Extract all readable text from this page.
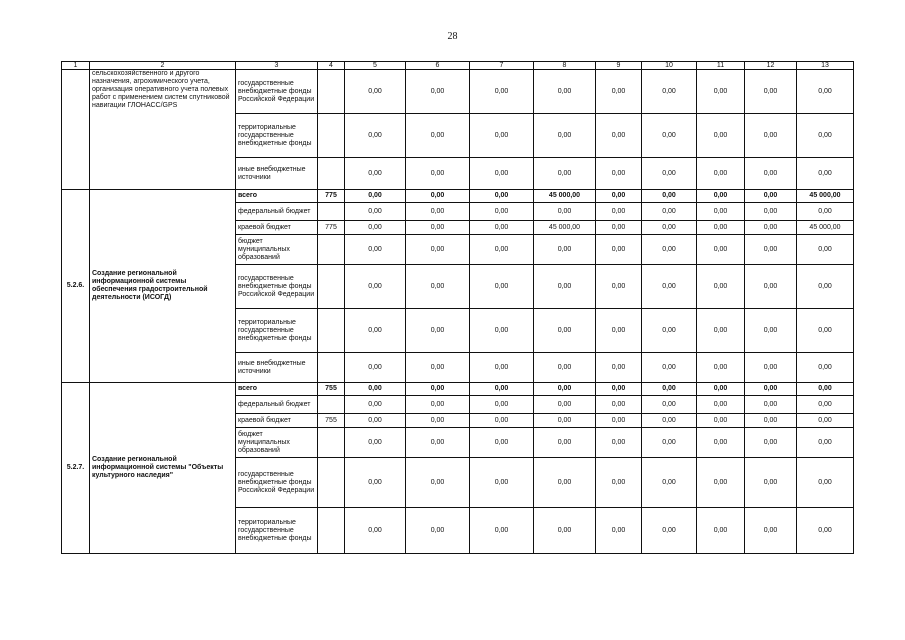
28
1	2	3	4	5	6	7	8	9	10	11	12	13
	сельскохозяйственного и другого назначения, агрохимического учета, организация оперативного учета полевых работ с применением систем спутниковой навигации ГЛОНАСС/GPS	государственные внебюджетные фонды Российской Федерации		0,00	0,00	0,00	0,00	0,00	0,00	0,00	0,00	0,00
		территориальные государственные внебюджетные фонды		0,00	0,00	0,00	0,00	0,00	0,00	0,00	0,00	0,00
		иные внебюджетные источники		0,00	0,00	0,00	0,00	0,00	0,00	0,00	0,00	0,00
5.2.6.	Создание региональной информационной системы обеспечения градостроительной деятельности (ИСОГД)	всего	775	0,00	0,00	0,00	45 000,00	0,00	0,00	0,00	0,00	45 000,00
		федеральный бюджет		0,00	0,00	0,00	0,00	0,00	0,00	0,00	0,00	0,00
		краевой бюджет	775	0,00	0,00	0,00	45 000,00	0,00	0,00	0,00	0,00	45 000,00
		бюджет муниципальных образований		0,00	0,00	0,00	0,00	0,00	0,00	0,00	0,00	0,00
		государственные внебюджетные фонды Российской Федерации		0,00	0,00	0,00	0,00	0,00	0,00	0,00	0,00	0,00
		территориальные государственные внебюджетные фонды		0,00	0,00	0,00	0,00	0,00	0,00	0,00	0,00	0,00
		иные внебюджетные источники		0,00	0,00	0,00	0,00	0,00	0,00	0,00	0,00	0,00
5.2.7.	Создание региональной информационной системы "Объекты культурного наследия"	всего	755	0,00	0,00	0,00	0,00	0,00	0,00	0,00	0,00	0,00
		федеральный бюджет		0,00	0,00	0,00	0,00	0,00	0,00	0,00	0,00	0,00
		краевой бюджет	755	0,00	0,00	0,00	0,00	0,00	0,00	0,00	0,00	0,00
		бюджет муниципальных образований		0,00	0,00	0,00	0,00	0,00	0,00	0,00	0,00	0,00
		государственные внебюджетные фонды Российской Федерации		0,00	0,00	0,00	0,00	0,00	0,00	0,00	0,00	0,00
		территориальные государственные внебюджетные фонды		0,00	0,00	0,00	0,00	0,00	0,00	0,00	0,00	0,00
